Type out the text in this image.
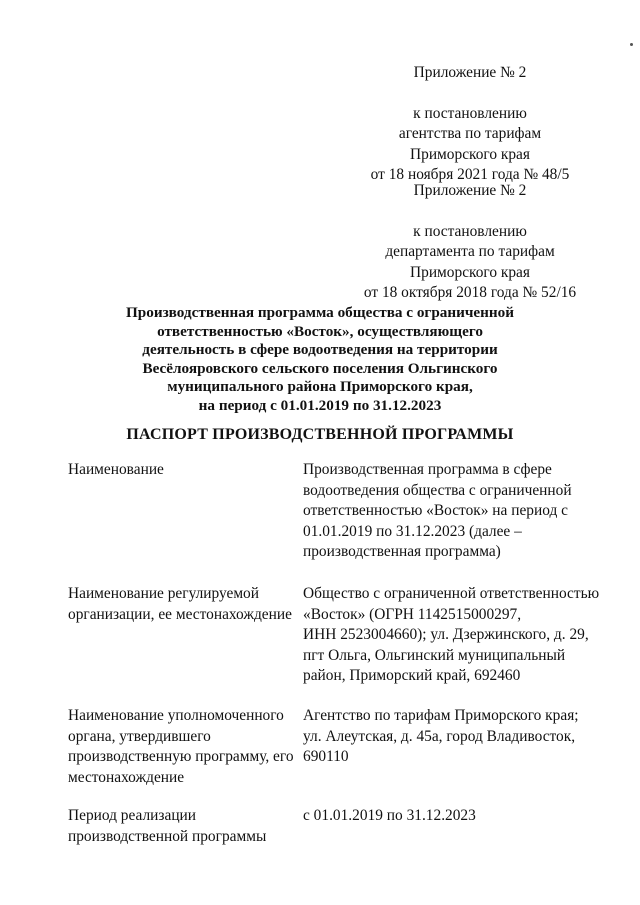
Приложение № 2
к постановлению
агентства по тарифам
Приморского края
от 18 ноября 2021 года № 48/5
Приложение № 2
к постановлению
департамента по тарифам
Приморского края
от 18 октября 2018 года № 52/16
Производственная программа общества с ограниченной
ответственностью «Восток», осуществляющего
деятельность в сфере водоотведения на территории
Весёлояровского сельского поселения Ольгинского
муниципального района Приморского края,
на период с 01.01.2019 по 31.12.2023
ПАСПОРТ ПРОИЗВОДСТВЕННОЙ ПРОГРАММЫ
Наименование	Производственная программа в сфере
водоотведения общества с ограниченной
ответственностью «Восток» на период с
01.01.2019 по 31.12.2023 (далее –
производственная программа)
Наименование регулируемой
организации, ее местонахождение
Общество с ограниченной ответственностью
«Восток» (ОГРН 1142515000297,
ИНН 2523004660); ул. Дзержинского, д. 29,
пгт Ольга, Ольгинский муниципальный
район, Приморский край, 692460
Наименование уполномоченного
органа, утвердившего
производственную программу, его
местонахождение
Агентство по тарифам Приморского края;
ул. Алеутская, д. 45а, город Владивосток,
690110
Период реализации
производственной программы
с 01.01.2019 по 31.12.2023
